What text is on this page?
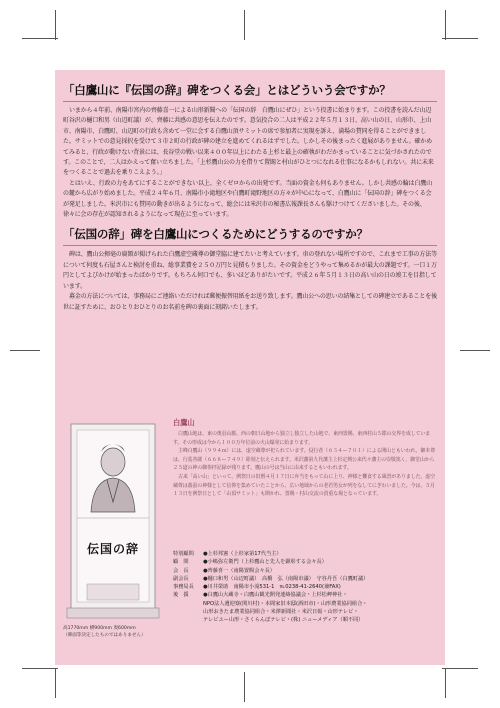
「白鷹山に『伝国の辞』碑をつくる会」とはどういう会ですか？

いまから４年前、南陽市宮内の齊藤喜一による山形新聞への「伝国の辞　白鷹山にぜひ」という投書に始まります。この投書を読んだ山辺町谷沢の樋口和男（山辺町議）が、齊藤に共感の意思を伝えたのです。意気投合の二人は平成２２年５月１３日、高い山の日、山形市、上山市、南陽市、白鷹町、山辺町の行政も含めて一堂に会する白鷹山頂サミットの席で参加者に実現を訴え、満場の賛同を得ることができました。サミットでの意見採択を受けて３市２町の行政が碑の建立を進めてくれるはずでした。しかしその後まったく進展がありません。確かめてみると、行政が動けない背景には、長谷堂の戦い以来４００年以上にわたる上杉と最上の確執がわだかまっていることに気づかされたのです。このことで、二人はかえって奮い立ちました。「上杉鷹山公の力を借りて置賜と村山がひとつになれる仕事になるかもしれない。共に未来をつくることで過去を乗りこえよう。」

とはいえ、行政の力をあてにすることができない以上、全くゼロからの出発です。当面の資金も何もありません。しかし共感の輪は白鷹山の麓から広がり始めました。平成２４年６月、南陽市小滝地区や白鷹町滝野地区の方々が中心になって、白鷹山に「伝国の辞」碑をつくる会が発足しました。米沢市にも賛同の動きが出るようになって、総会には米沢市の秘書広報課長さんも駆けつけてくださいました。その後、徐々に会の存在が認知されるようになって現在に至っています。

「伝国の辞」碑を白鷹山につくるためにどうするのですか？

碑は、鷹山公揮毫の扁額が掲げられた白鷹虚空蔵尊の御堂脇に建てたいと考えています。車の登れない場所ですので、これまで工事の方法等について何度も石屋さんと検討を重ね、総事業費を２５０万円と見積もりました。その資金をどうやって集めるかが最大の課題です。一口１万円としてよびかけが始まったばかりです。もちろん何口でも、多いほどありがたいです。平成２６年５月１３日の高い山の日の竣工を目指しています。

募金の方法については、事務局にご連絡いただければ郵便振替用紙をお送り致します。鷹山公への思いの結集としての碑建立であることを後世に証すために、おひとりおひとりのお名前を碑の裏面に刻銘いたします。

伝国の辞
高1770mm 横900mm 奥600mm
（碑面等決定したものではありません）
白鷹山

白鷹山地は、東の奥羽山脈、西の朝日山地から独立し独立した山地で、東西置賜、東西村山５郡の交界を成しています。その形成は今から１００万年位前の火山爆発に始まります。

主峰白鷹山（９９４ｍ）には、虚空蔵尊が祀られています。役行者（６３４ー７０１）による開山ともいわれ、御本尊は、行基菩薩（６６８ー７４９）彫刻と伝えられます。米沢藩第九代藩主上杉定興公来代々藩主の崇敬篤く、御堂山から２５道の神の御参拝記録が残ります。鷹山の号は当山に由来するともいわれます。

古来「高い山」といって、例祭日の旧暦４月１７日に弁当をもって山に上り、神様と饗食する風習がありました。虚空蔵尊は養蚕の神様として信仰を集めていたことから、広い地域からの老若男女が列をなしてにぎわいました。今は、５月１３日を例祭日として「山頂サミット」も開かれ、置賜・村山交流の貴重な場となっています。

特別顧問	●上杉邦憲（上杉家第17代当主）
顧　問	●小嶋弥左衛門（上杉鷹山と先人を顕彰する会々長）
会　長	●齊藤喜一（南陽置賜会々長）
副会長	●樋口和男（山辺町議）　高橋　弘（南陽市議）　守谷丹吾（白鷹町議）
事務局長	●川井榮助　南陽市小滝531-1　℡0238-41-2640(兼FAX)
後　援	●白鷹山大蔵寺・白鷹山観光開発連絡協議会・上杉松岬神社・
NPO法人遺迎寮(関川村)・本間家旧本邸(酒田市)・山形農業協同組合・
山形おきたま農業協同組合・米澤新聞社・米沢日報・山形テレビ・
テレビユー山形・さくらんぼテレビ・(株) ニューメディア（順不同）
